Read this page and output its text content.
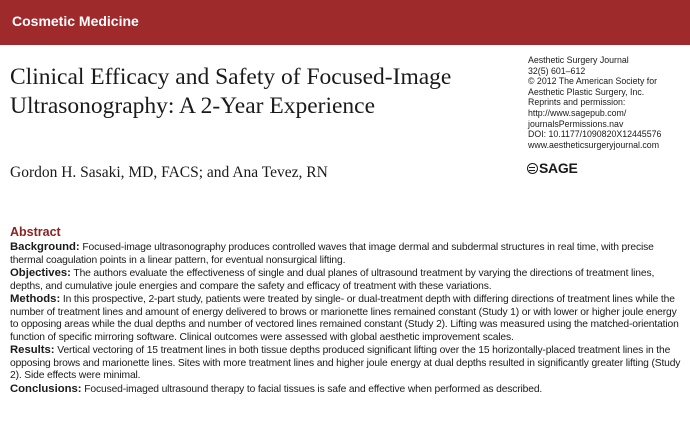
Cosmetic Medicine
Clinical Efficacy and Safety of Focused-Image
Ultrasonography: A 2-Year Experience
Gordon H. Sasaki, MD, FACS; and Ana Tevez, RN
Aesthetic Surgery Journal
32(5) 601–612
© 2012 The American Society for
Aesthetic Plastic Surgery, Inc.
Reprints and permission:
http://www.sagepub.com/
journalsPermissions.nav
DOI: 10.1177/1090820X12445576
www.aestheticsurgeryjournal.com
SAGE
Abstract

Background: Focused-image ultrasonography produces controlled waves that image dermal and subdermal structures in real time, with precise thermal coagulation points in a linear pattern, for eventual nonsurgical lifting.

Objectives: The authors evaluate the effectiveness of single and dual planes of ultrasound treatment by varying the directions of treatment lines, depths, and cumulative joule energies and compare the safety and efficacy of treatment with these variations.

Methods: In this prospective, 2-part study, patients were treated by single- or dual-treatment depth with differing directions of treatment lines while the number of treatment lines and amount of energy delivered to brows or marionette lines remained constant (Study 1) or with lower or higher joule energy to opposing areas while the dual depths and number of vectored lines remained constant (Study 2). Lifting was measured using the matched-orientation function of specific mirroring software. Clinical outcomes were assessed with global aesthetic improvement scales.

Results: Vertical vectoring of 15 treatment lines in both tissue depths produced significant lifting over the 15 horizontally-placed treatment lines in the opposing brows and marionette lines. Sites with more treatment lines and higher joule energy at dual depths resulted in significantly greater lifting (Study 2). Side effects were minimal.

Conclusions: Focused-imaged ultrasound therapy to facial tissues is safe and effective when performed as described.
